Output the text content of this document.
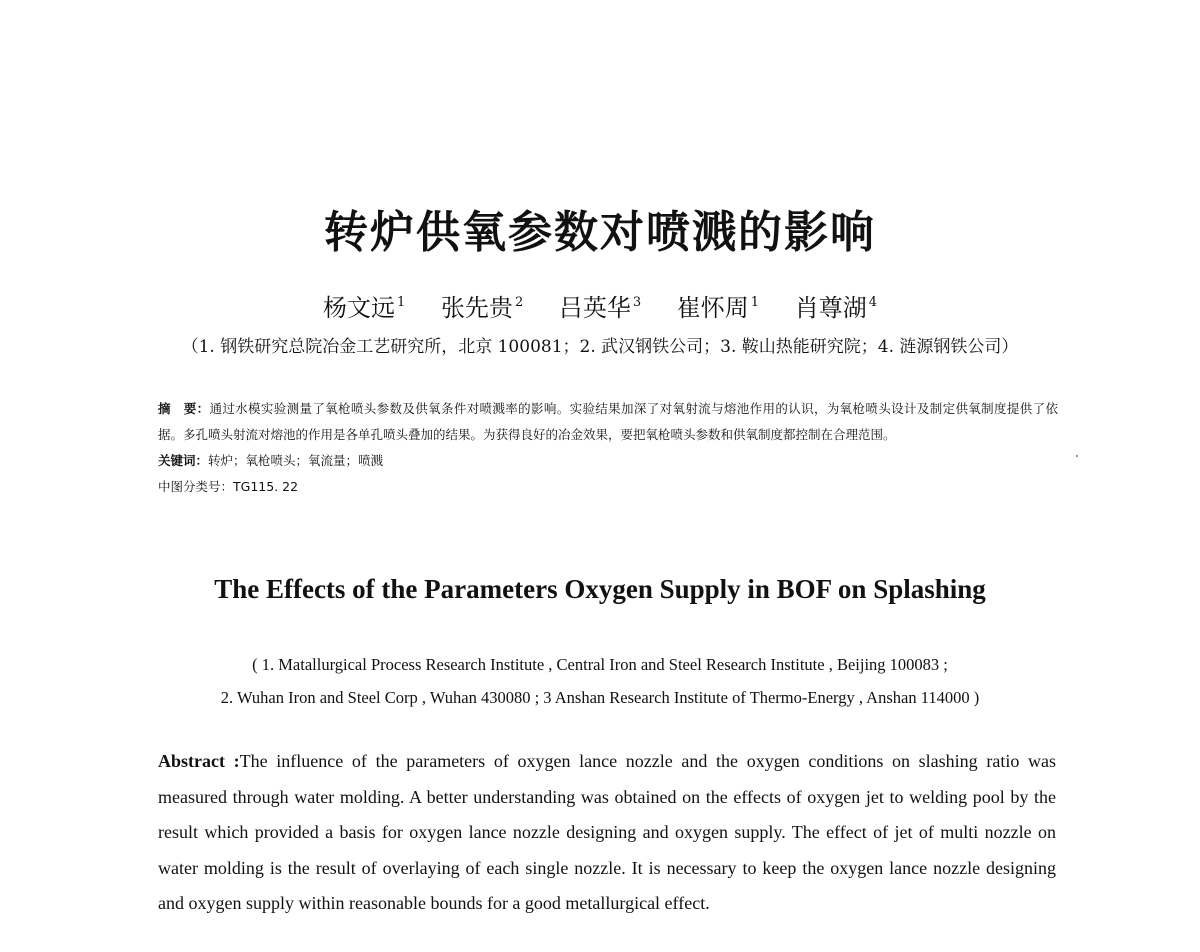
转炉供氧参数对喷溅的影响
杨文远 $^1$ 张先贵 $^2$ 吕英华 $^3$ 崔怀周 $^1$ 肖尊湖 $^4$
（1. 钢铁研究总院冶金工艺研究所，北京 100081；2. 武汉钢铁公司；3. 鞍山热能研究院；4. 涟源钢铁公司）

摘　要：通过水模实验测量了氧枪喷头参数及供氧条件对喷溅率的影响。实验结果加深了对氧射流与熔池作用的认识，为氧枪喷头设计及制定供氧制度提供了依据。多孔喷头射流对熔池的作用是各单孔喷头叠加的结果。为获得良好的冶金效果，要把氧枪喷头参数和供氧制度都控制在合理范围。

关键词：转炉；氧枪喷头；氧流量；喷溅

中图分类号：TG115. 22

The Effects of the Parameters Oxygen Supply in BOF on Splashing
( 1. Matallurgical Process Research Institute , Central Iron and Steel Research Institute , Beijing 100083 ;
2. Wuhan Iron and Steel Corp , Wuhan 430080 ; 3 Anshan Research Institute of Thermo-Energy , Anshan 114000 )

Abstract :The influence of the parameters of oxygen lance nozzle and the oxygen conditions on slashing ratio was measured through water molding. A better understanding was obtained on the effects of oxygen jet to welding pool by the result which provided a basis for oxygen lance nozzle designing and oxygen supply. The effect of jet of multi nozzle on water molding is the result of overlaying of each single nozzle. It is necessary to keep the oxygen lance nozzle designing and oxygen supply within reasonable bounds for a good metallurgical effect.
